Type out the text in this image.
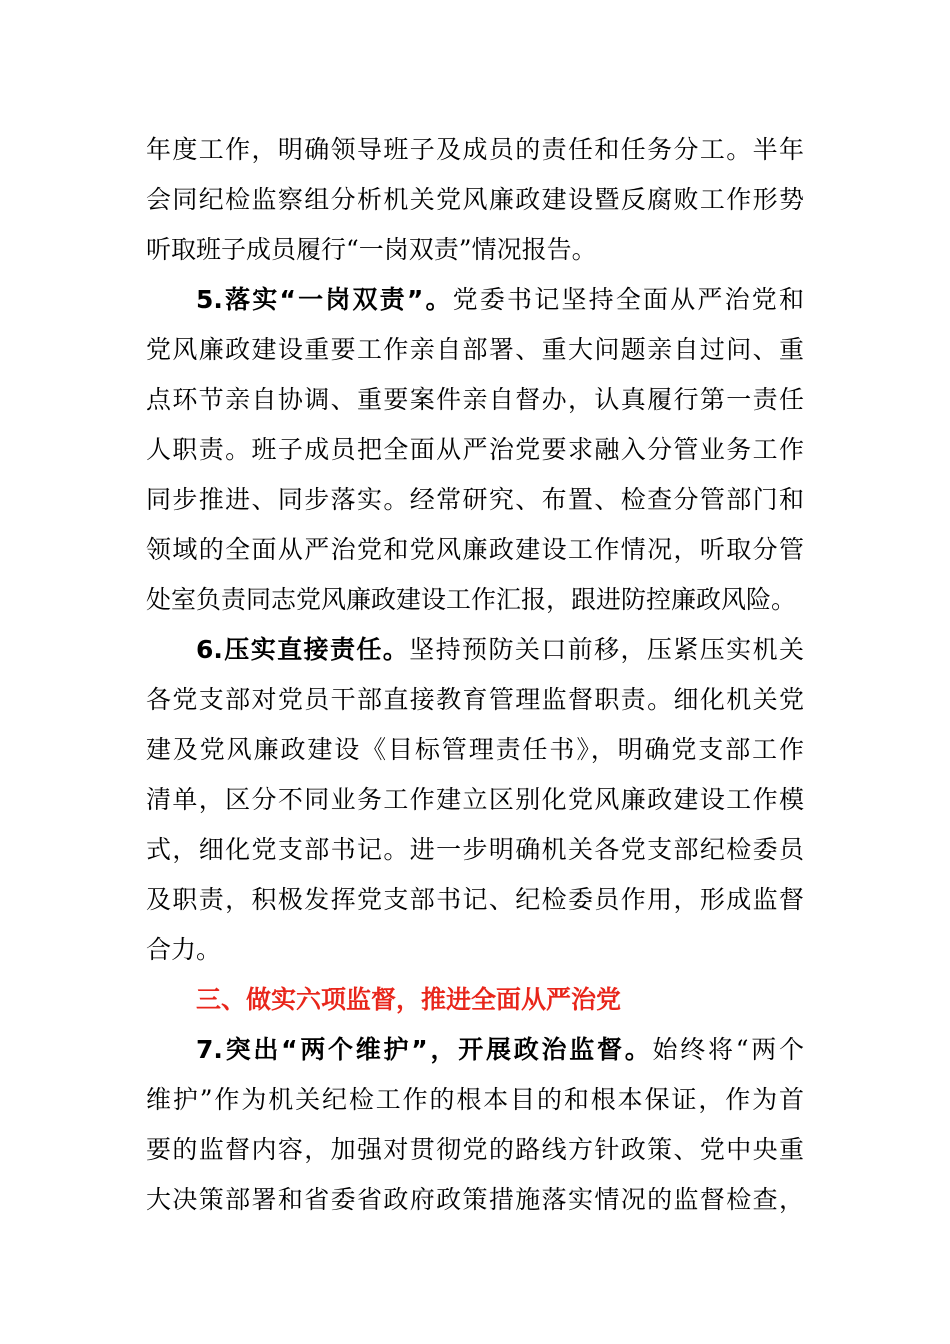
年度工作，明确领导班子及成员的责任和任务分工。半年
会同纪检监察组分析机关党风廉政建设暨反腐败工作形势
听取班子成员履行“一岗双责”情况报告。
5.落实“一岗双责”。党委书记坚持全面从严治党和
党风廉政建设重要工作亲自部署、重大问题亲自过问、重
点环节亲自协调、重要案件亲自督办，认真履行第一责任
人职责。班子成员把全面从严治党要求融入分管业务工作
同步推进、同步落实。经常研究、布置、检查分管部门和
领域的全面从严治党和党风廉政建设工作情况，听取分管
处室负责同志党风廉政建设工作汇报，跟进防控廉政风险。
6.压实直接责任。坚持预防关口前移，压紧压实机关
各党支部对党员干部直接教育管理监督职责。细化机关党
建及党风廉政建设《目标管理责任书》，明确党支部工作
清单，区分不同业务工作建立区别化党风廉政建设工作模
式，细化党支部书记。进一步明确机关各党支部纪检委员
及职责，积极发挥党支部书记、纪检委员作用，形成监督
合力。
三、做实六项监督，推进全面从严治党
7.突出“两个维护”，开展政治监督。始终将“两个
维护”作为机关纪检工作的根本目的和根本保证，作为首
要的监督内容，加强对贯彻党的路线方针政策、党中央重
大决策部署和省委省政府政策措施落实情况的监督检查，
